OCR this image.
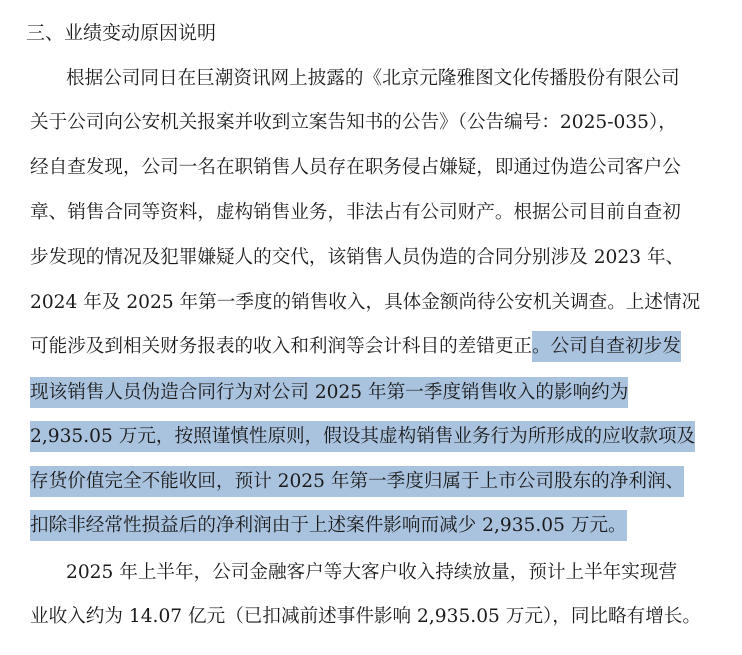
三、业绩变动原因说明
根据公司同日在巨潮资讯网上披露的《北京元隆雅图文化传播股份有限公司
关于公司向公安机关报案并收到立案告知书的公告》（公告编号：2025-035），
经自查发现，公司一名在职销售人员存在职务侵占嫌疑，即通过伪造公司客户公
章、销售合同等资料，虚构销售业务，非法占有公司财产。根据公司目前自查初
步发现的情况及犯罪嫌疑人的交代，该销售人员伪造的合同分别涉及 2023 年、
2024 年及 2025 年第一季度的销售收入，具体金额尚待公安机关调查。上述情况
可能涉及到相关财务报表的收入和利润等会计科目的差错更正。公司自查初步发
现该销售人员伪造合同行为对公司 2025 年第一季度销售收入的影响约为
2,935.05 万元，按照谨慎性原则，假设其虚构销售业务行为所形成的应收款项及
存货价值完全不能收回，预计 2025 年第一季度归属于上市公司股东的净利润、
扣除非经常性损益后的净利润由于上述案件影响而减少 2,935.05 万元。
2025 年上半年，公司金融客户等大客户收入持续放量，预计上半年实现营
业收入约为 14.07 亿元（已扣减前述事件影响 2,935.05 万元），同比略有增长。
